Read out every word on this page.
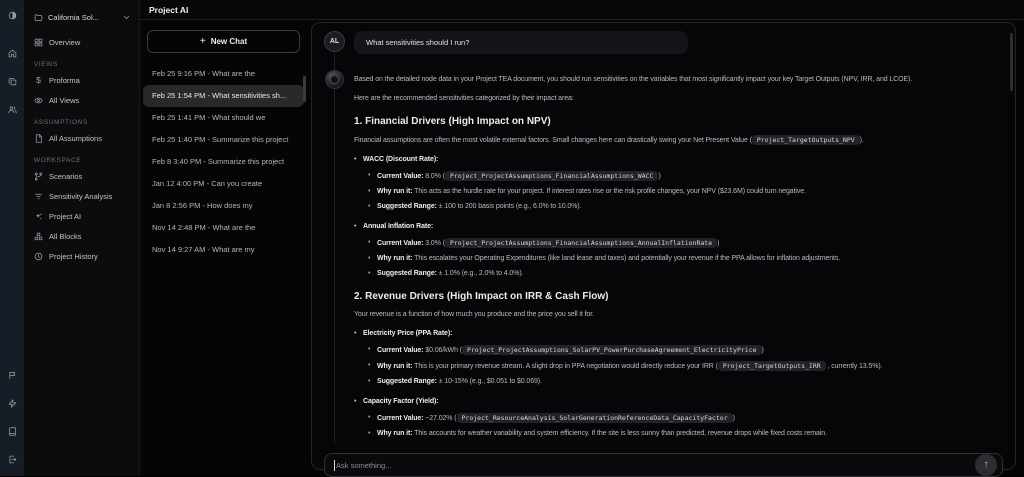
California Sol...
Overview
VIEWS
$ Proforma
All Views
ASSUMPTIONS
All Assumptions
WORKSPACE
Scenarios
Sensitivity Analysis
Project AI
All Blocks
Project History
Project AI
+ New Chat
Feb 25 9:16 PM - What are the
Feb 25 1:54 PM - What sensitivities sh...
Feb 25 1:41 PM - What should we
Feb 25 1:40 PM - Summarize this project
Feb 8 3:40 PM - Summarize this project
Jan 12 4:00 PM - Can you create
Jan 8 2:56 PM - How does my
Nov 14 2:48 PM - What are the
Nov 14 9:27 AM - What are my
AL	What sensitivities should I run?
Based on the detailed node data in your Project TEA document, you should run sensitivities on the variables that most significantly impact your key Target Outputs (NPV, IRR, and LCOE).
Here are the recommended sensitivities categorized by their impact area:
1. Financial Drivers (High Impact on NPV)
Financial assumptions are often the most volatile external factors. Small changes here can drastically swing your Net Present Value ( Project_TargetOutputs_NPV ).
• WACC (Discount Rate):
• Current Value: 8.0% ( Project_ProjectAssumptions_FinancialAssumptions_WACC )
• Why run it: This acts as the hurdle rate for your project. If interest rates rise or the risk profile changes, your NPV ($23.6M) could turn negative.
• Suggested Range: ± 100 to 200 basis points (e.g., 6.0% to 10.0%).
• Annual Inflation Rate:
• Current Value: 3.0% ( Project_ProjectAssumptions_FinancialAssumptions_AnnualInflationRate )
• Why run it: This escalates your Operating Expenditures (like land lease and taxes) and potentially your revenue if the PPA allows for inflation adjustments.
• Suggested Range: ± 1.0% (e.g., 2.0% to 4.0%).
2. Revenue Drivers (High Impact on IRR & Cash Flow)
Your revenue is a function of how much you produce and the price you sell it for.
• Electricity Price (PPA Rate):
• Current Value: $0.06/kWh ( Project_ProjectAssumptions_SolarPV_PowerPurchaseAgreement_ElectricityPrice )
• Why run it: This is your primary revenue stream. A slight drop in PPA negotiation would directly reduce your IRR ( Project_TargetOutputs_IRR , currently 13.5%).
• Suggested Range: ± 10-15% (e.g., $0.051 to $0.069).
• Capacity Factor (Yield):
• Current Value: ~27.02% ( Project_ResourceAnalysis_SolarGenerationReferenceData_CapacityFactor )
• Why run it: This accounts for weather variability and system efficiency. If the site is less sunny than predicted, revenue drops while fixed costs remain.
Ask something...
↑
